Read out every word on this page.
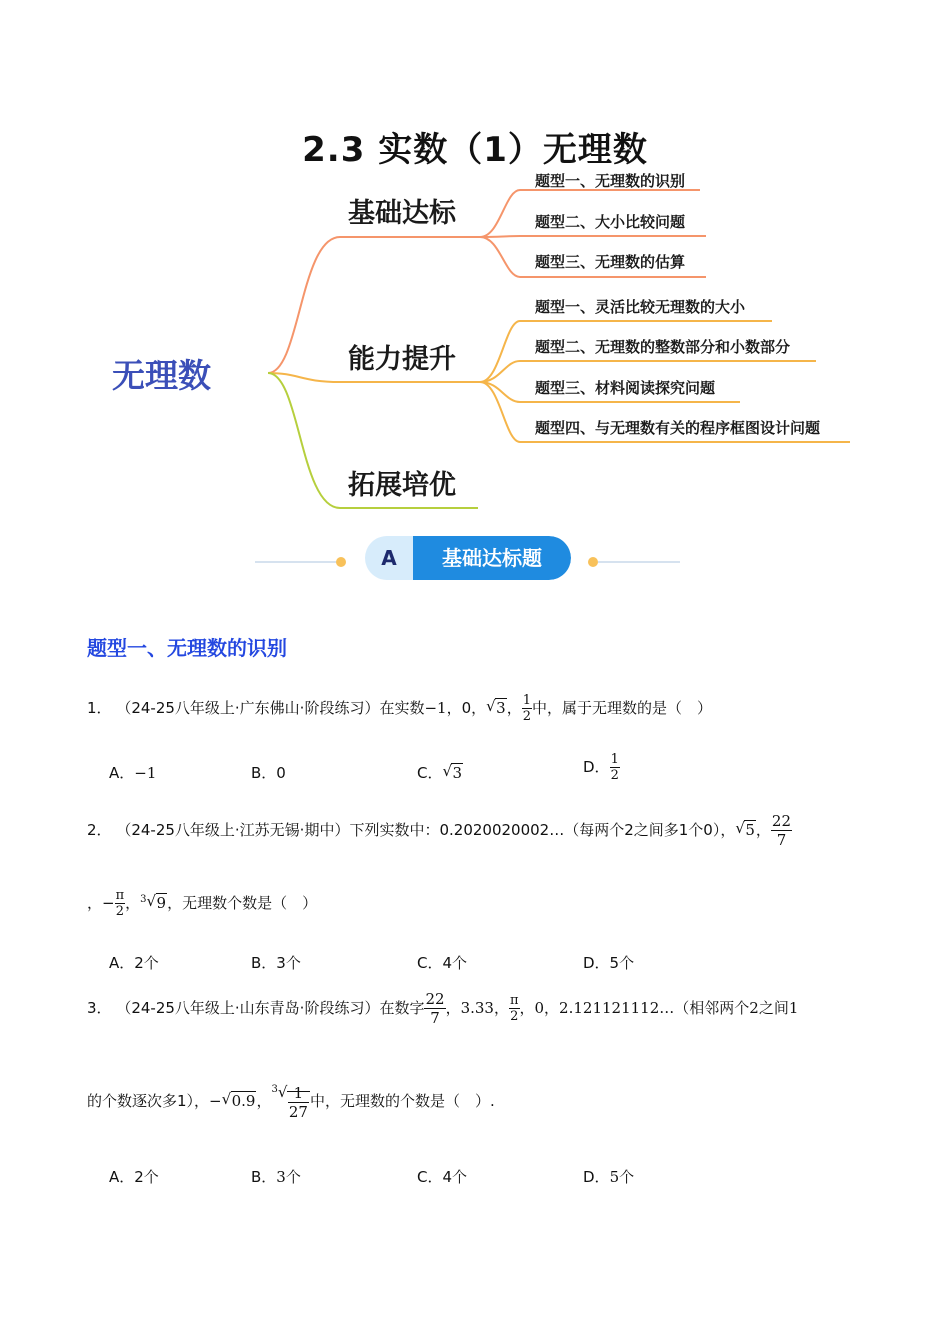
2.3 实数（1）无理数
无理数
基础达标
能力提升
拓展培优
题型一、无理数的识别
题型二、大小比较问题
题型三、无理数的估算
题型一、灵活比较无理数的大小
题型二、无理数的整数部分和小数部分
题型三、材料阅读探究问题
题型四、与无理数有关的程序框图设计问题
A	基础达标题
题型一、无理数的识别
1． （24-25八年级上·广东佛山·阶段练习）在实数−1，0， √ 3， $\frac{1}{2}$ 中，属于无理数的是（　）
A．−1	B．0	C． √ 3	D． $\frac{1}{2}$
2． （24-25八年级上·江苏无锡·期中）下列实数中：0.2020020002…（每两个2之间多1个0）， √ 5， $\frac{22}{7}$
，− $\frac{\pi}{2}$ ，$^3$ √ 9，无理数个数是（　）
A．2个	B．3个	C．4个	D．5个
3． （24-25八年级上·山东青岛·阶段练习）在数字 $\frac{22}{7}$ ，3.33， $\frac{\pi}{2}$ ，0，2.121121112…（相邻两个2之间1
的个数逐次多1），− √ 0.9，$^3$ √ $\frac{1}{27}$ 中，无理数的个数是（　）.
A．2个	B．3个	C．4个	D．5个
